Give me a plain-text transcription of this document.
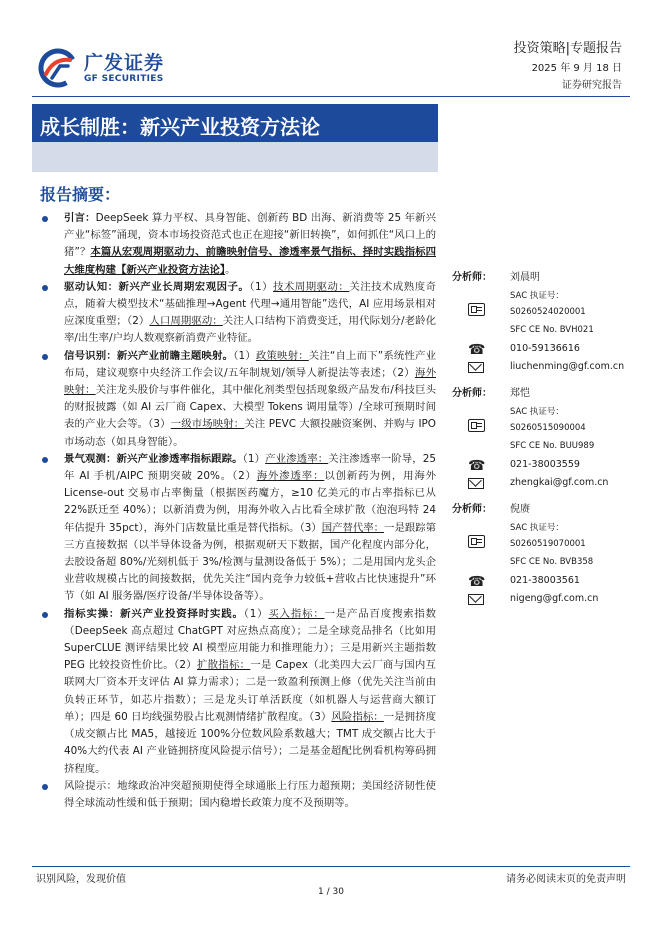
广发证券
GF SECURITIES
投资策略|专题报告
2025 年 9 月 18 日
证券研究报告
成长制胜：新兴产业投资方法论
报告摘要：
引言：DeepSeek 算力平权、具身智能、创新药 BD 出海、新消费等 25 年新兴产业“标签”涌现，资本市场投资范式也正在迎接“新旧转换”，如何抓住“风口上的猪”？本篇从宏观周期驱动力、前瞻映射信号、渗透率景气指标、择时实践指标四大维度构建【新兴产业投资方法论】。
驱动认知：新兴产业长周期宏观因子。（1）技术周期驱动：关注技术成熟度奇点，随着大模型技术“基础推理→Agent 代理→通用智能”迭代，AI 应用场景相对应深度重塑；（2）人口周期驱动：关注人口结构下消费变迁，用代际划分/老龄化率/出生率/户均人数观察新消费产业特征。
信号识别：新兴产业前瞻主题映射。（1）政策映射：关注“自上而下”系统性产业布局，建议观察中央经济工作会议/五年制规划/领导人新提法等表述；（2）海外映射：关注龙头股价与事件催化，其中催化剂类型包括现象级产品发布/科技巨头的财报披露（如 AI 云厂商 Capex、大模型 Tokens 调用量等）/全球可预期时间表的产业大会等。（3）一级市场映射：关注 PEVC 大额投融资案例、并购与 IPO 市场动态（如具身智能）。
景气观测：新兴产业渗透率指标跟踪。（1）产业渗透率：关注渗透率一阶导，25 年 AI 手机/AIPC 预期突破 20%。（2）海外渗透率：以创新药为例，用海外 License-out 交易市占率衡量（根据医药魔方，≥10 亿美元的市占率指标已从 22%跃迁至 40%）；以新消费为例，用海外收入占比看全球扩散（泡泡玛特 24 年估提升 35pct），海外门店数量比重是替代指标。（3）国产替代率：一是跟踪第三方直接数据（以半导体设备为例，根据观研天下数据，国产化程度内部分化，去胶设备超 80%/光刻机低于 3%/检测与量测设备低于 5%）；二是用国内龙头企业营收规模占比的间接数据，优先关注“国内竞争力较低+营收占比快速提升”环节（如 AI 服务器/医疗设备/半导体设备等）。
指标实操：新兴产业投资择时实践。（1）买入指标：一是产品百度搜索指数（DeepSeek 高点超过 ChatGPT 对应热点高度）；二是全球竞品排名（比如用 SuperCLUE 测评结果比较 AI 模型应用能力和推理能力）；三是用新兴主题指数 PEG 比较投资性价比。（2）扩散指标：一是 Capex（北美四大云厂商与国内互联网大厂资本开支评估 AI 算力需求）；二是一致盈利预测上修（优先关注当前由负转正环节，如芯片指数）；三是龙头订单活跃度（如机器人与运营商大额订单）；四是 60 日均线强势股占比观测情绪扩散程度。（3）风险指标：一是拥挤度（成交额占比 MA5，越接近 100%分位数风险系数越大；TMT 成交额占比大于 40%大约代表 AI 产业链拥挤度风险提示信号）；二是基金超配比例看机构筹码拥挤程度。
风险提示：地缘政治冲突超预期使得全球通胀上行压力超预期；美国经济韧性使得全球流动性缓和低于预期；国内稳增长政策力度不及预期等。
分析师： 刘晨明
SAC 执证号：
S0260524020001
SFC CE No. BVH021
010-59136616
liuchenming@gf.com.cn
☎
分析师： 郑恺
SAC 执证号：
S0260515090004
SFC CE No. BUU989
021-38003559
zhengkai@gf.com.cn
☎
分析师： 倪赓
SAC 执证号：
S0260519070001
SFC CE No. BVB358
021-38003561
nigeng@gf.com.cn
☎
识别风险，发现价值	请务必阅读末页的免责声明
1 / 30
